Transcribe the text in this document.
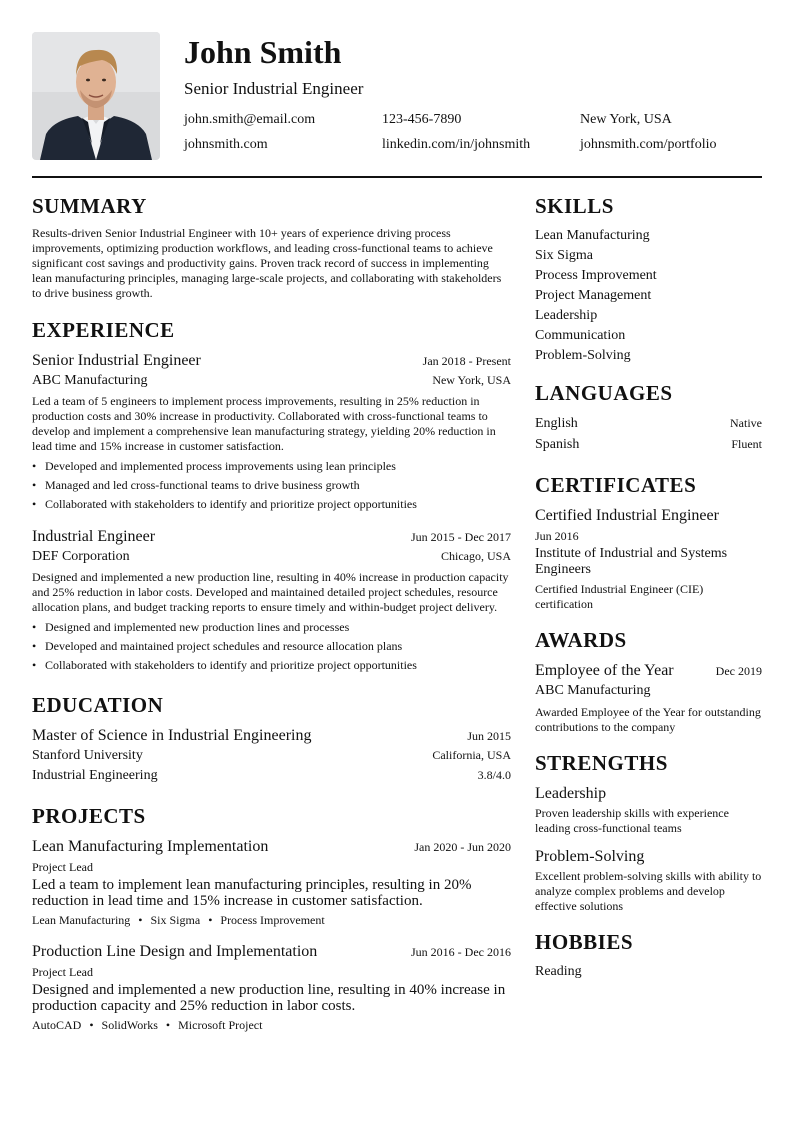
John Smith
Senior Industrial Engineer
john.smith@email.com	123-456-7890	New York, USA
johnsmith.com	linkedin.com/in/johnsmith	johnsmith.com/portfolio
SUMMARY
Results-driven Senior Industrial Engineer with 10+ years of experience driving process improvements, optimizing production workflows, and leading cross-functional teams to achieve significant cost savings and productivity gains. Proven track record of success in implementing lean manufacturing principles, managing large-scale projects, and collaborating with stakeholders to drive business growth.
EXPERIENCE
Senior Industrial Engineer	Jan 2018 - Present
ABC Manufacturing	New York, USA
Led a team of 5 engineers to implement process improvements, resulting in 25% reduction in production costs and 30% increase in productivity. Collaborated with cross-functional teams to develop and implement a comprehensive lean manufacturing strategy, yielding 20% reduction in lead time and 15% increase in customer satisfaction.
• Developed and implemented process improvements using lean principles
• Managed and led cross-functional teams to drive business growth
• Collaborated with stakeholders to identify and prioritize project opportunities
Industrial Engineer	Jun 2015 - Dec 2017
DEF Corporation	Chicago, USA
Designed and implemented a new production line, resulting in 40% increase in production capacity and 25% reduction in labor costs. Developed and maintained detailed project schedules, resource allocation plans, and budget tracking reports to ensure timely and within-budget project delivery.
• Designed and implemented new production lines and processes
• Developed and maintained project schedules and resource allocation plans
• Collaborated with stakeholders to identify and prioritize project opportunities
EDUCATION
Master of Science in Industrial Engineering	Jun 2015
Stanford University	California, USA
Industrial Engineering	3.8/4.0
PROJECTS
Lean Manufacturing Implementation	Jan 2020 - Jun 2020
Project Lead
Led a team to implement lean manufacturing principles, resulting in 20% reduction in lead time and 15% increase in customer satisfaction.
Lean Manufacturing • Six Sigma • Process Improvement
Production Line Design and Implementation	Jun 2016 - Dec 2016
Project Lead
Designed and implemented a new production line, resulting in 40% increase in production capacity and 25% reduction in labor costs.
AutoCAD • SolidWorks • Microsoft Project
SKILLS
Lean Manufacturing
Six Sigma
Process Improvement
Project Management
Leadership
Communication
Problem-Solving
LANGUAGES
English	Native
Spanish	Fluent
CERTIFICATES
Certified Industrial Engineer
Jun 2016
Institute of Industrial and Systems Engineers
Certified Industrial Engineer (CIE) certification
AWARDS
Employee of the Year	Dec 2019
ABC Manufacturing
Awarded Employee of the Year for outstanding contributions to the company
STRENGTHS
Leadership
Proven leadership skills with experience leading cross-functional teams
Problem-Solving
Excellent problem-solving skills with ability to analyze complex problems and develop effective solutions
HOBBIES
Reading
